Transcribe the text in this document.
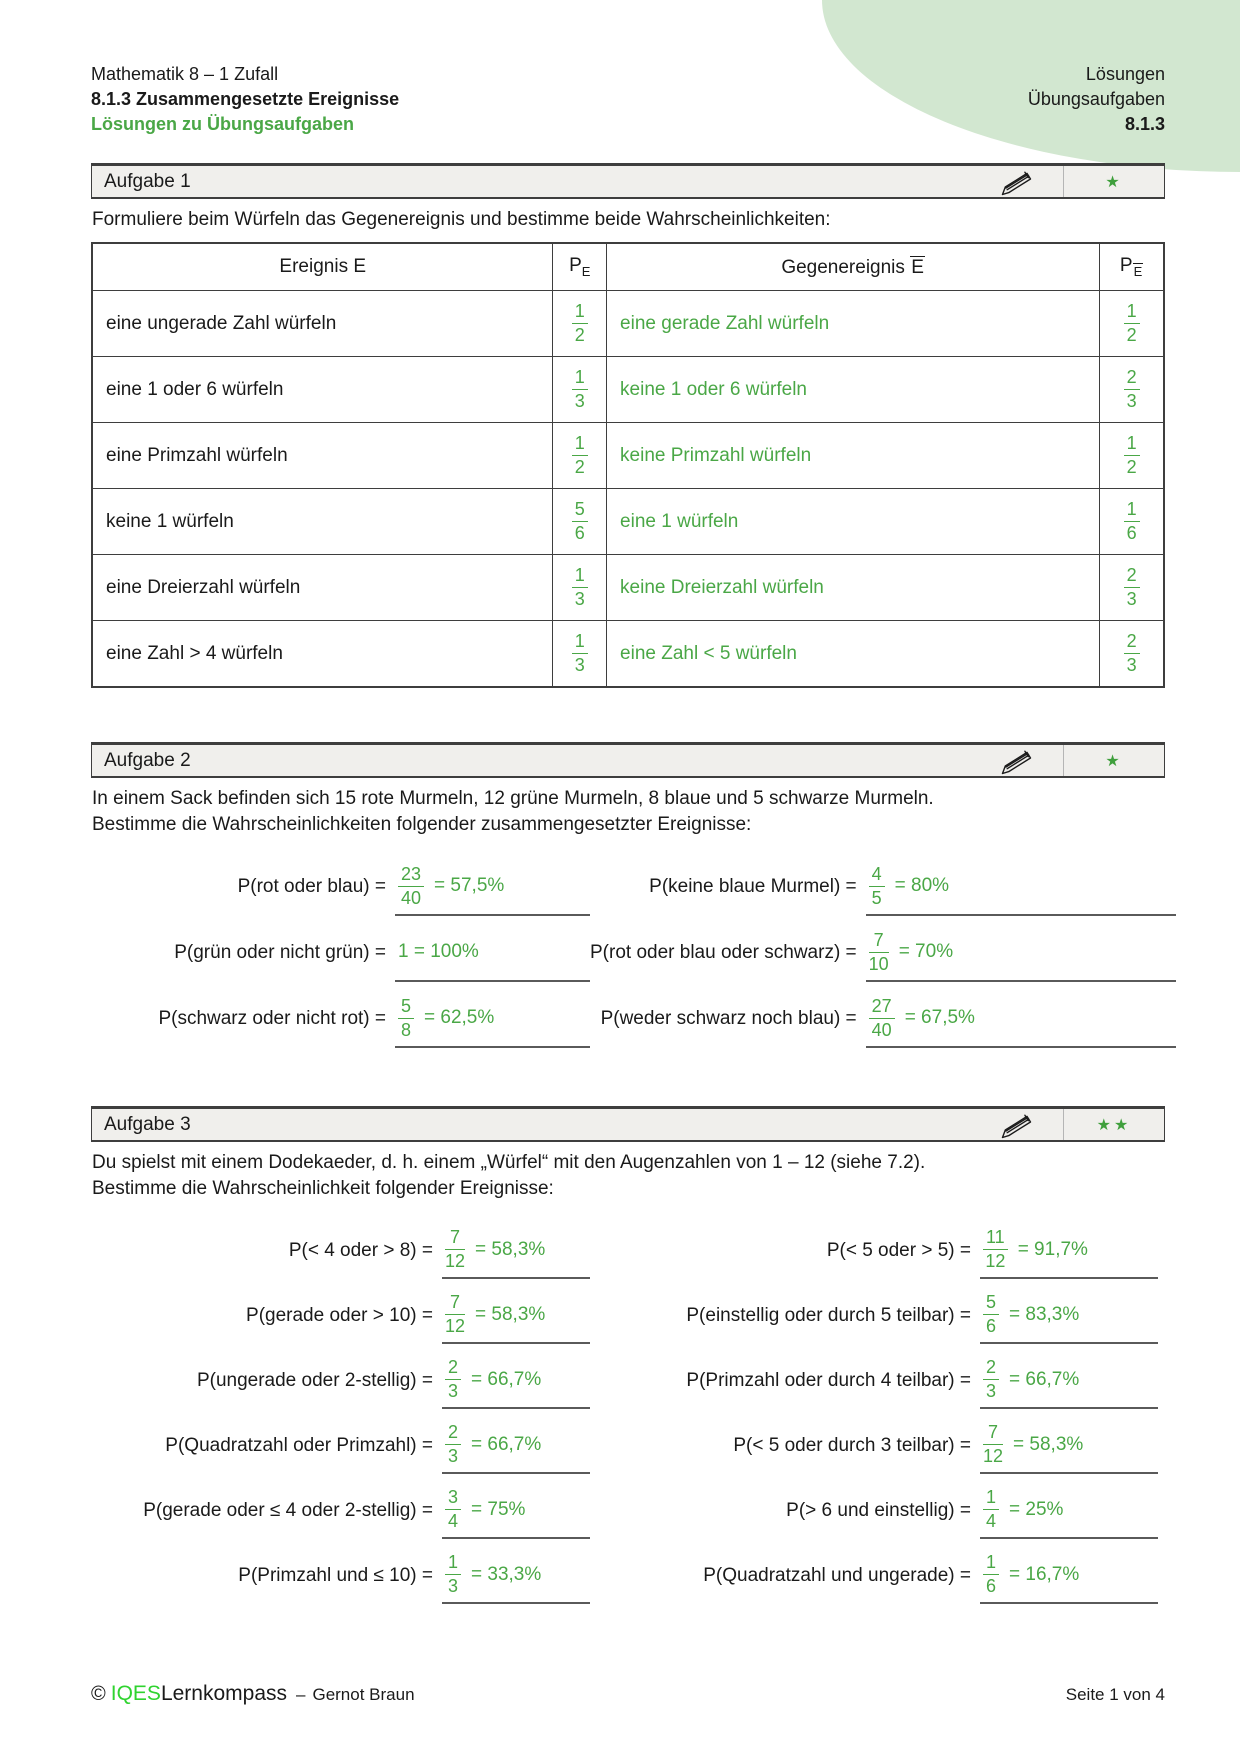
Mathematik 8 – 1 Zufall
8.1.3 Zusammengesetzte Ereignisse
Lösungen zu Übungsaufgaben
Lösungen
Übungsaufgaben
8.1.3
Aufgabe 1	★
Formuliere beim Würfeln das Gegenereignis und bestimme beide Wahrscheinlichkeiten:
Ereignis E	$P_E$	Gegenereignis E	$P_E$
eine ungerade Zahl würfeln	$\frac{1}{2}$	eine gerade Zahl würfeln	$\frac{1}{2}$

eine 1 oder 6 würfeln	$\frac{1}{3}$	keine 1 oder 6 würfeln	$\frac{2}{3}$

eine Primzahl würfeln	$\frac{1}{2}$	keine Primzahl würfeln	$\frac{1}{2}$

keine 1 würfeln	$\frac{5}{6}$	eine 1 würfeln	$\frac{1}{6}$

eine Dreierzahl würfeln	$\frac{1}{3}$	keine Dreierzahl würfeln	$\frac{2}{3}$

eine Zahl > 4 würfeln	$\frac{1}{3}$	eine Zahl < 5 würfeln	$\frac{2}{3}$
Aufgabe 2	★
In einem Sack befinden sich 15 rote Murmeln, 12 grüne Murmeln, 8 blaue und 5 schwarze Murmeln.
Bestimme die Wahrscheinlichkeiten folgender zusammengesetzter Ereignisse:
P(rot oder blau) = $\frac{23}{40} = 57,5\%$	P(keine blaue Murmel) = $\frac{4}{5} = 80\%$
P(grün oder nicht grün) = 1 = 100%	P(rot oder blau oder schwarz) = $\frac{7}{10} = 70\%$
P(schwarz oder nicht $rot) = \frac{5}{8} = 62,5\%$	P(weder schwarz noch blau) = $\frac{27}{40} = 67,5\%$
Aufgabe 3	★★
Du spielst mit einem Dodekaeder, d. h. einem „Würfel“ mit den Augenzahlen von 1 – 12 (siehe 7.2).
Bestimme die Wahrscheinlichkeit folgender Ereignisse:
P(< 4 oder > $8) = \frac{7}{12} = 58,3\%$	P(< 5 oder > $5) = \frac{11}{12} = 91,7\%$
P(gerade oder > $10) = \frac{7}{12} = 58,3\%$	P(einstellig oder durch 5 teilbar) = $\frac{5}{6} = 83,3\%$
P(ungerade oder 2-stellig) = $\frac{2}{3} = 66,7\%$	P(Primzahl oder durch 4 teilbar) = $\frac{2}{3} = 66,7\%$
P(Quadratzahl oder Primzahl) = $\frac{2}{3} = 66,7\%$	P(< 5 oder durch 3 teilbar) = $\frac{7}{12} = 58,3\%$
P(gerade oder ≤ 4 oder 2-stellig) = $\frac{3}{4} = 75\%$	P(> 6 und einstellig) = $\frac{1}{4} = 25\%$
P(Primzahl und ≤ $10) = \frac{1}{3} = 33,3\%$	P(Quadratzahl und ungerade) = $\frac{1}{6} = 16,7\%$
© IQES Lernkompass – Gernot Braun	Seite 1 von 4
